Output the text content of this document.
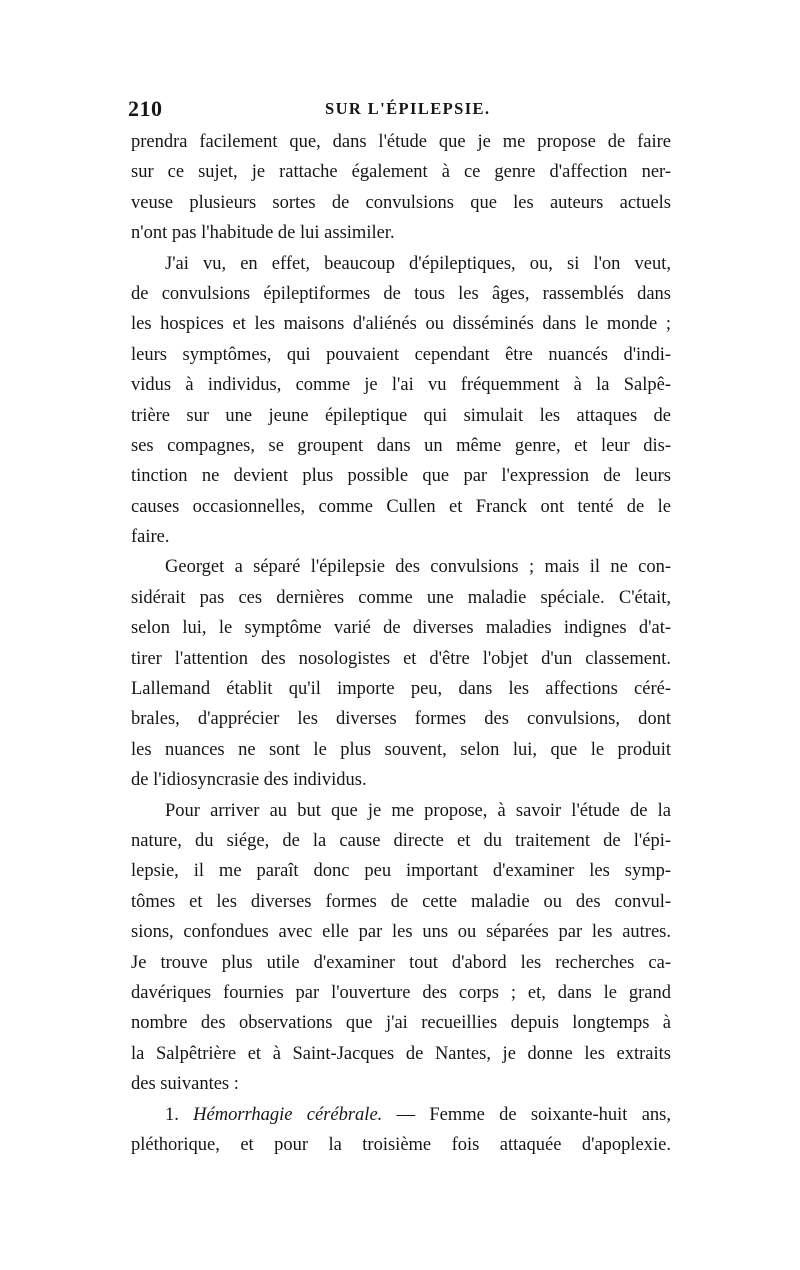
210	SUR L'ÉPILEPSIE.
prendra facilement que, dans l'étude que je me propose de faire
sur ce sujet, je rattache également à ce genre d'affection ner-
veuse plusieurs sortes de convulsions que les auteurs actuels
n'ont pas l'habitude de lui assimiler.
J'ai vu, en effet, beaucoup d'épileptiques, ou, si l'on veut,
de convulsions épileptiformes de tous les âges, rassemblés dans
les hospices et les maisons d'aliénés ou disséminés dans le monde ;
leurs symptômes, qui pouvaient cependant être nuancés d'indi-
vidus à individus, comme je l'ai vu fréquemment à la Salpê-
trière sur une jeune épileptique qui simulait les attaques de
ses compagnes, se groupent dans un même genre, et leur dis-
tinction ne devient plus possible que par l'expression de leurs
causes occasionnelles, comme Cullen et Franck ont tenté de le
faire.
Georget a séparé l'épilepsie des convulsions ; mais il ne con-
sidérait pas ces dernières comme une maladie spéciale. C'était,
selon lui, le symptôme varié de diverses maladies indignes d'at-
tirer l'attention des nosologistes et d'être l'objet d'un classement.
Lallemand établit qu'il importe peu, dans les affections céré-
brales, d'apprécier les diverses formes des convulsions, dont
les nuances ne sont le plus souvent, selon lui, que le produit
de l'idiosyncrasie des individus.
Pour arriver au but que je me propose, à savoir l'étude de la
nature, du siége, de la cause directe et du traitement de l'épi-
lepsie, il me paraît donc peu important d'examiner les symp-
tômes et les diverses formes de cette maladie ou des convul-
sions, confondues avec elle par les uns ou séparées par les autres.
Je trouve plus utile d'examiner tout d'abord les recherches ca-
davériques fournies par l'ouverture des corps ; et, dans le grand
nombre des observations que j'ai recueillies depuis longtemps à
la Salpêtrière et à Saint-Jacques de Nantes, je donne les extraits
des suivantes :
1. Hémorrhagie cérébrale. — Femme de soixante-huit ans,
pléthorique, et pour la troisième fois attaquée d'apoplexie.
